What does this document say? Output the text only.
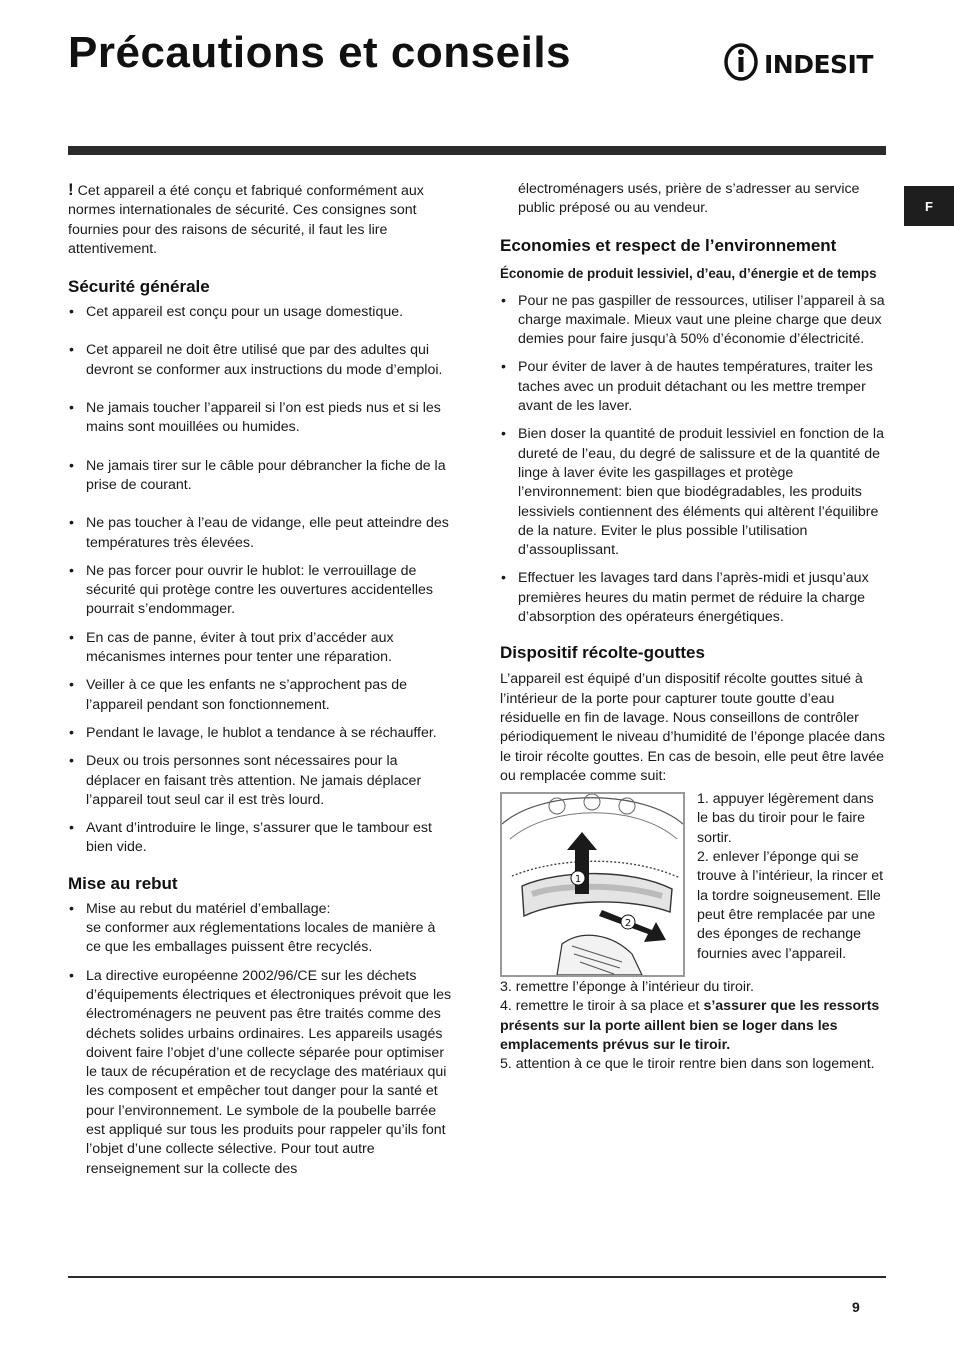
Précautions et conseils	INDESIT
F

! Cet appareil a été conçu et fabriqué conformément aux normes internationales de sécurité. Ces consignes sont fournies pour des raisons de sécurité, il faut les lire attentivement.

Sécurité générale
• Cet appareil est conçu pour un usage domestique.
• Cet appareil ne doit être utilisé que par des adultes qui devront se conformer aux instructions du mode d’emploi.
• Ne jamais toucher l’appareil si l’on est pieds nus et si les mains sont mouillées ou humides.
• Ne jamais tirer sur le câble pour débrancher la fiche de la prise de courant.
• Ne pas toucher à l’eau de vidange, elle peut atteindre des températures très élevées.
• Ne pas forcer pour ouvrir le hublot: le verrouillage de sécurité qui protège contre les ouvertures accidentelles pourrait s’endommager.
• En cas de panne, éviter à tout prix d’accéder aux mécanismes internes pour tenter une réparation.
• Veiller à ce que les enfants ne s’approchent pas de l’appareil pendant son fonctionnement.
• Pendant le lavage, le hublot a tendance à se réchauffer.
• Deux ou trois personnes sont nécessaires pour la déplacer en faisant très attention. Ne jamais déplacer l’appareil tout seul car il est très lourd.
• Avant d’introduire le linge, s’assurer que le tambour est bien vide.
Mise au rebut
• Mise au rebut du matériel d’emballage:
se conformer aux réglementations locales de manière à ce que les emballages puissent être recyclés.
• La directive européenne 2002/96/CE sur les déchets d’équipements électriques et électroniques prévoit que les électroménagers ne peuvent pas être traités comme des déchets solides urbains ordinaires. Les appareils usagés doivent faire l’objet d’une collecte séparée pour optimiser le taux de récupération et de recyclage des matériaux qui les composent et empêcher tout danger pour la santé et pour l’environnement. Le symbole de la poubelle barrée est appliqué sur tous les produits pour rappeler qu’ils font l’objet d’une collecte sélective. Pour tout autre renseignement sur la collecte des

électroménagers usés, prière de s’adresser au service public préposé ou au vendeur.

Economies et respect de l’environnement

Économie de produit lessiviel, d’eau, d’énergie et de temps

• Pour ne pas gaspiller de ressources, utiliser l’appareil à sa charge maximale. Mieux vaut une pleine charge que deux demies pour faire jusqu’à 50% d’économie d’électricité.
• Pour éviter de laver à de hautes températures, traiter les taches avec un produit détachant ou les mettre tremper avant de les laver.
• Bien doser la quantité de produit lessiviel en fonction de la dureté de l’eau, du degré de salissure et de la quantité de linge à laver évite les gaspillages et protège l’environnement: bien que biodégradables, les produits lessiviels contiennent des éléments qui altèrent l’équilibre de la nature. Eviter le plus possible l’utilisation d’assouplissant.
• Effectuer les lavages tard dans l’après-midi et jusqu’aux premières heures du matin permet de réduire la charge d’absorption des opérateurs énergétiques.
Dispositif récolte-gouttes

L’appareil est équipé d’un dispositif récolte gouttes situé à l’intérieur de la porte pour capturer toute goutte d’eau résiduelle en fin de lavage. Nous conseillons de contrôler périodiquement le niveau d’humidité de l’éponge placée dans le tiroir récolte gouttes. En cas de besoin, elle peut être lavée ou remplacée comme suit:

1
2

1. appuyer légèrement dans le bas du tiroir pour le faire sortir.

2. enlever l’éponge qui se trouve à l’intérieur, la rincer et la tordre soigneusement. Elle peut être remplacée par une des éponges de rechange fournies avec l’appareil.

3. remettre l’éponge à l’intérieur du tiroir.

4. remettre le tiroir à sa place et s’assurer que les ressorts présents sur la porte aillent bien se loger dans les emplacements prévus sur le tiroir.

5. attention à ce que le tiroir rentre bien dans son logement.

9
